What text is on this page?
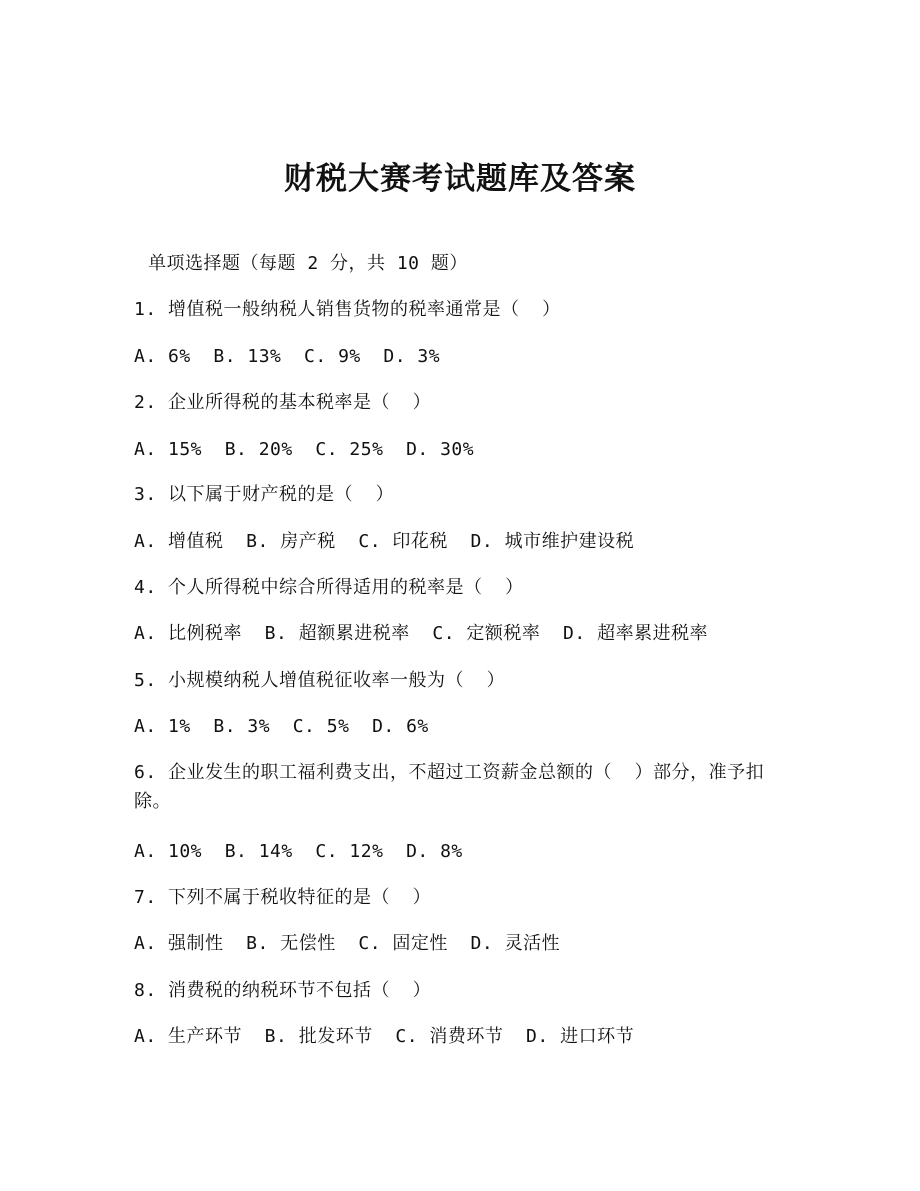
财税大赛考试题库及答案
单项选择题（每题 2 分，共 10 题）
1. 增值税一般纳税人销售货物的税率通常是（  ）
A. 6%  B. 13%  C. 9%  D. 3%
2. 企业所得税的基本税率是（  ）
A. 15%  B. 20%  C. 25%  D. 30%
3. 以下属于财产税的是（  ）
A. 增值税  B. 房产税  C. 印花税  D. 城市维护建设税
4. 个人所得税中综合所得适用的税率是（  ）
A. 比例税率  B. 超额累进税率  C. 定额税率  D. 超率累进税率
5. 小规模纳税人增值税征收率一般为（  ）
A. 1%  B. 3%  C. 5%  D. 6%
6. 企业发生的职工福利费支出，不超过工资薪金总额的（  ）部分，准予扣除。
A. 10%  B. 14%  C. 12%  D. 8%
7. 下列不属于税收特征的是（  ）
A. 强制性  B. 无偿性  C. 固定性  D. 灵活性
8. 消费税的纳税环节不包括（  ）
A. 生产环节  B. 批发环节  C. 消费环节  D. 进口环节
